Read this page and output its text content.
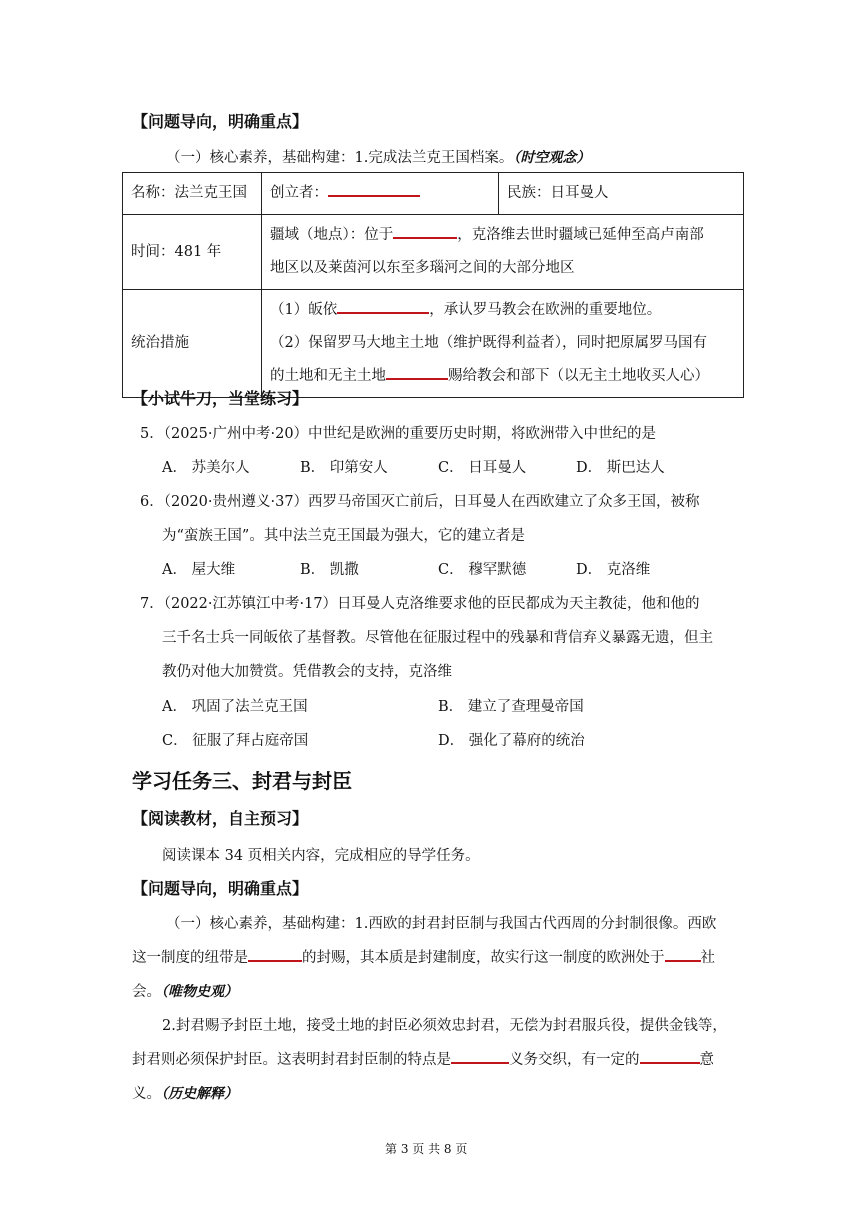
【问题导向，明确重点】
（一）核心素养，基础构建：1.完成法兰克王国档案。（时空观念）
名称：法兰克王国	创立者：	民族：日耳曼人
时间：481 年	疆域（地点）：位于 ，克洛维去世时疆域已延伸至高卢南部
地区以及莱茵河以东至多瑙河之间的大部分地区	

统治措施	（1）皈依 ，承认罗马教会在欧洲的重要地位。
（2）保留罗马大地主土地（维护既得利益者），同时把原属罗马国有
的土地和无主土地 赐给教会和部下（以无主土地收买人心）	
【小试牛刀，当堂练习】
5．（2025·广州中考·20）中世纪是欧洲的重要历史时期，将欧洲带入中世纪的是
A． 苏美尔人	B． 印第安人	C． 日耳曼人	D． 斯巴达人
6．（2020·贵州遵义·37）西罗马帝国灭亡前后，日耳曼人在西欧建立了众多王国，被称
为“蛮族王国”。其中法兰克王国最为强大，它的建立者是
A． 屋大维	B． 凯撒	C． 穆罕默德	D． 克洛维
7．（2022·江苏镇江中考·17）日耳曼人克洛维要求他的臣民都成为天主教徒，他和他的
三千名士兵一同皈依了基督教。尽管他在征服过程中的残暴和背信弃义暴露无遗，但主
教仍对他大加赞赏。凭借教会的支持，克洛维
A． 巩固了法兰克王国	B． 建立了查理曼帝国
C． 征服了拜占庭帝国	D． 强化了幕府的统治
学习任务三、封君与封臣
【阅读教材，自主预习】
阅读课本 34 页相关内容，完成相应的导学任务。
【问题导向，明确重点】
（一）核心素养，基础构建：1.西欧的封君封臣制与我国古代西周的分封制很像。西欧
这一制度的纽带是	的封赐，其本质是封建制度，故实行这一制度的欧洲处于 社
会。（唯物史观）
2.封君赐予封臣土地，接受土地的封臣必须效忠封君，无偿为封君服兵役，提供金钱等，
封君则必须保护封臣。这表明封君封臣制的特点是	义务交织，有一定的	意
义。（历史解释）
第 3 页 共 8 页
